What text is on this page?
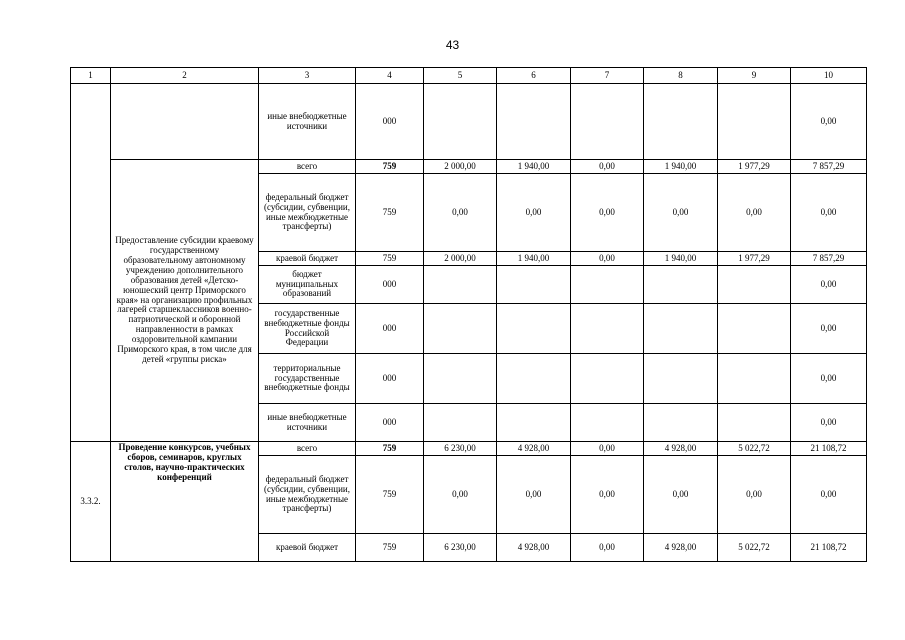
43
1	2	3	4	5	6	7	8	9	10
		иные внебюджетные источники	000						0,00
	Предоставление субсидии краевому государственному образовательному автономному учреждению дополнительного образования детей «Детско-юношеский центр Приморского края» на организацию профильных лагерей старшеклассников военно-патриотической и оборонной направленности в рамках оздоровительной кампании Приморского края, в том числе для детей «группы риска»	всего	759	2 000,00	1 940,00	0,00	1 940,00	1 977,29	7 857,29
		федеральный бюджет (субсидии, субвенции, иные межбюджетные трансферты)	759	0,00	0,00	0,00	0,00	0,00	0,00
		краевой бюджет	759	2 000,00	1 940,00	0,00	1 940,00	1 977,29	7 857,29
		бюджет муниципальных образований	000						0,00
		государственные внебюджетные фонды Российской Федерации	000						0,00
		территориальные государственные внебюджетные фонды	000						0,00
		иные внебюджетные источники	000						0,00
3.3.2.	Проведение конкурсов, учебных сборов, семинаров, круглых столов, научно-практических конференций	всего	759	6 230,00	4 928,00	0,00	4 928,00	5 022,72	21 108,72
		федеральный бюджет (субсидии, субвенции, иные межбюджетные трансферты)	759	0,00	0,00	0,00	0,00	0,00	0,00
		краевой бюджет	759	6 230,00	4 928,00	0,00	4 928,00	5 022,72	21 108,72
